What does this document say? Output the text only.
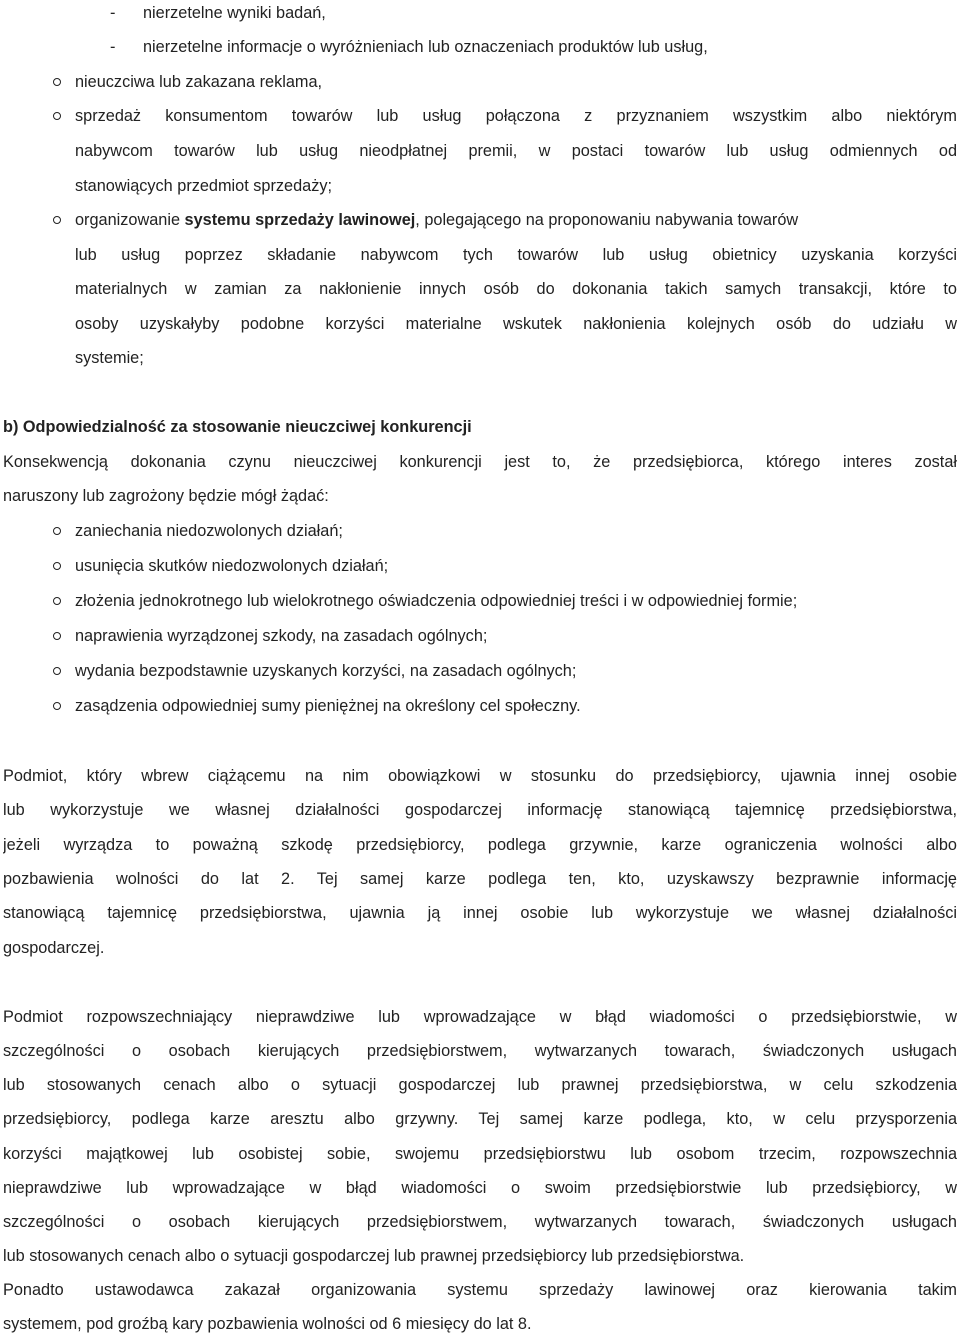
- nierzetelne wyniki badań,
- nierzetelne informacje o wyróżnieniach lub oznaczeniach produktów lub usług,
nieuczciwa lub zakazana reklama,
sprzedaż konsumentom towarów lub usług połączona z przyznaniem wszystkim albo niektórym
nabywcom towarów lub usług nieodpłatnej premii, w postaci towarów lub usług odmiennych od
stanowiących przedmiot sprzedaży;
organizowanie systemu sprzedaży lawinowej, polegającego na proponowaniu nabywania towarów
lub usług poprzez składanie nabywcom tych towarów lub usług obietnicy uzyskania korzyści
materialnych w zamian za nakłonienie innych osób do dokonania takich samych transakcji, które to
osoby uzyskałyby podobne korzyści materialne wskutek nakłonienia kolejnych osób do udziału w
systemie;
b) Odpowiedzialność za stosowanie nieuczciwej konkurencji
Konsekwencją dokonania czynu nieuczciwej konkurencji jest to, że przedsiębiorca, którego interes został
naruszony lub zagrożony będzie mógł żądać:
zaniechania niedozwolonych działań;
usunięcia skutków niedozwolonych działań;
złożenia jednokrotnego lub wielokrotnego oświadczenia odpowiedniej treści i w odpowiedniej formie;
naprawienia wyrządzonej szkody, na zasadach ogólnych;
wydania bezpodstawnie uzyskanych korzyści, na zasadach ogólnych;
zasądzenia odpowiedniej sumy pieniężnej na określony cel społeczny.
Podmiot, który wbrew ciążącemu na nim obowiązkowi w stosunku do przedsiębiorcy, ujawnia innej osobie
lub wykorzystuje we własnej działalności gospodarczej informację stanowiącą tajemnicę przedsiębiorstwa,
jeżeli wyrządza to poważną szkodę przedsiębiorcy, podlega grzywnie, karze ograniczenia wolności albo
pozbawienia wolności do lat 2. Tej samej karze podlega ten, kto, uzyskawszy bezprawnie informację
stanowiącą tajemnicę przedsiębiorstwa, ujawnia ją innej osobie lub wykorzystuje we własnej działalności
gospodarczej.
Podmiot rozpowszechniający nieprawdziwe lub wprowadzające w błąd wiadomości o przedsiębiorstwie, w
szczególności o osobach kierujących przedsiębiorstwem, wytwarzanych towarach, świadczonych usługach
lub stosowanych cenach albo o sytuacji gospodarczej lub prawnej przedsiębiorstwa, w celu szkodzenia
przedsiębiorcy, podlega karze aresztu albo grzywny. Tej samej karze podlega, kto, w celu przysporzenia
korzyści majątkowej lub osobistej sobie, swojemu przedsiębiorstwu lub osobom trzecim, rozpowszechnia
nieprawdziwe lub wprowadzające w błąd wiadomości o swoim przedsiębiorstwie lub przedsiębiorcy, w
szczególności o osobach kierujących przedsiębiorstwem, wytwarzanych towarach, świadczonych usługach
lub stosowanych cenach albo o sytuacji gospodarczej lub prawnej przedsiębiorcy lub przedsiębiorstwa.
Ponadto ustawodawca zakazał organizowania systemu sprzedaży lawinowej oraz kierowania takim
systemem, pod groźbą kary pozbawienia wolności od 6 miesięcy do lat 8.
